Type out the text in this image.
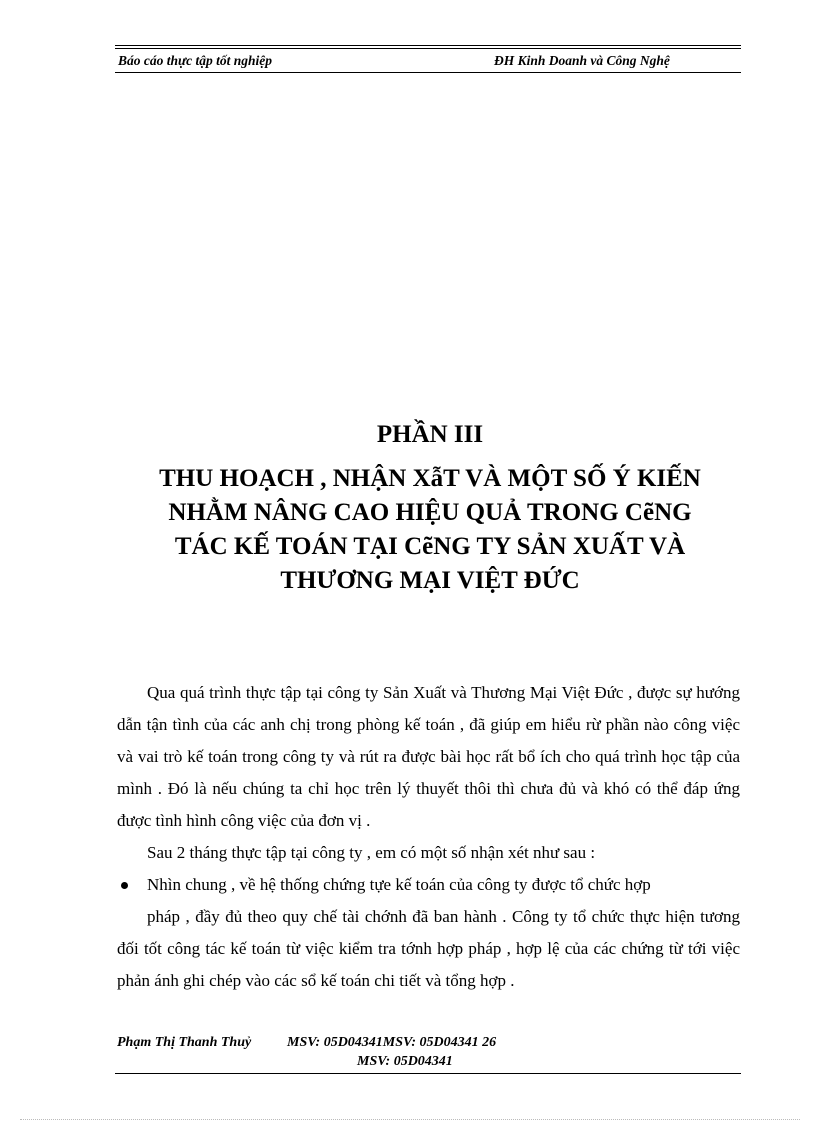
Báo cáo thực tập tốt nghiệp	ĐH Kinh Doanh và Công Nghệ
PHẦN III
THU HOẠCH , NHẬN XẫT VÀ MỘT SỐ Ý KIẾN
NHẰM NÂNG CAO HIỆU QUẢ TRONG CẽNG
TÁC KẾ TOÁN TẠI CẽNG TY SẢN XUẤT VÀ
THƯƠNG MẠI VIỆT ĐỨC

Qua quá trình thực tập tại công ty Sản Xuất và Thương Mại Việt Đức , được sự hướng dẫn tận tình của các anh chị trong phòng kế toán , đã giúp em hiểu rừ phần nào công việc và vai trò kế toán trong công ty và rút ra được bài học rất bổ ích cho quá trình học tập của mình . Đó là nếu chúng ta chỉ học trên lý thuyết thôi thì chưa đủ và khó có thể đáp ứng được tình hình công việc của đơn vị .

Sau 2 tháng thực tập tại công ty , em có một số nhận xét như sau :

Nhìn chung , về hệ thống chứng tựe kế toán của công ty được tổ chức hợp

pháp , đầy đủ theo quy chế tài chớnh đã ban hành . Công ty tổ chức thực hiện tương đối tốt công tác kế toán từ việc kiểm tra tớnh hợp pháp , hợp lệ của các chứng từ tới việc phản ánh ghi chép vào các sổ kế toán chi tiết và tổng hợp .

Phạm Thị Thanh Thuỷ	MSV: 05D04341MSV: 05D04341 26
MSV: 05D04341
